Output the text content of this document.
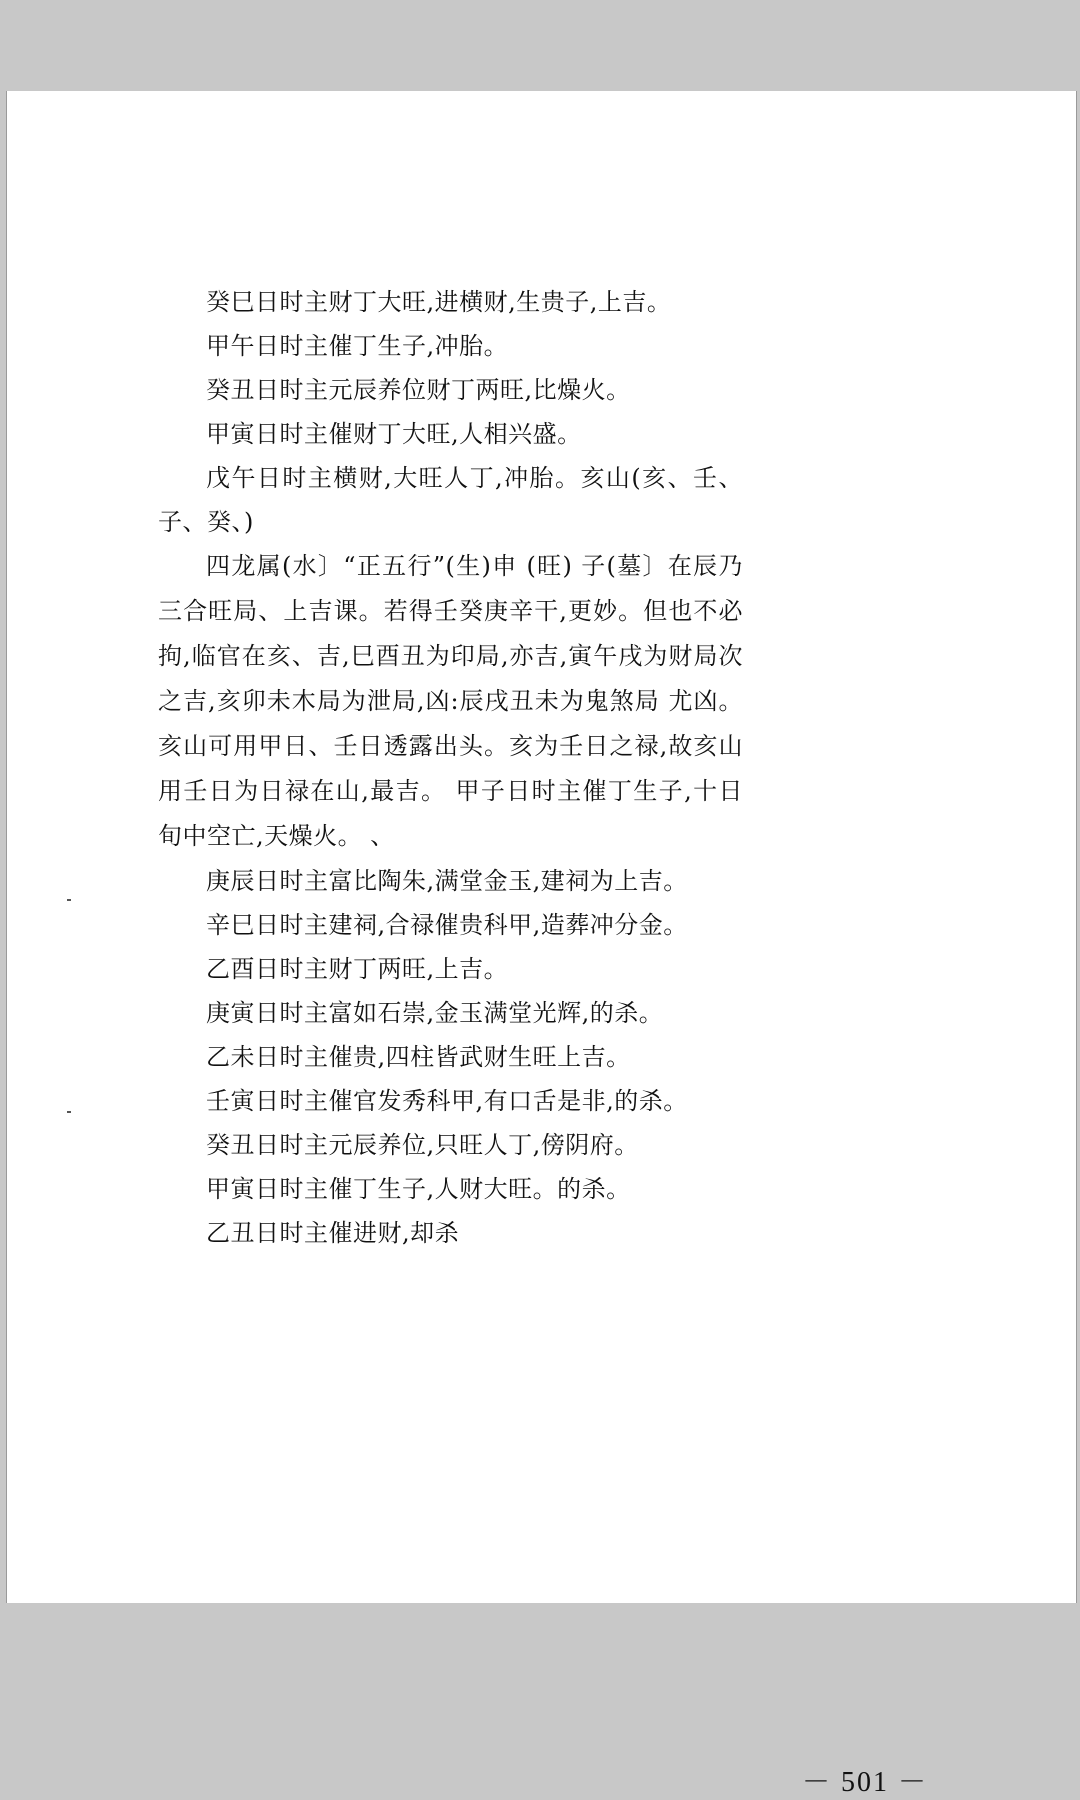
癸巳日时主财丁大旺,进横财,生贵子,上吉。

甲午日时主催丁生子,冲胎。

癸丑日时主元辰养位财丁两旺,比燥火。

甲寅日时主催财丁大旺,人相兴盛。

戊午日时主横财,大旺人丁,冲胎。亥山(亥、壬、子、癸、)

四龙属(水〕“正五行”(生)申 (旺) 子(墓〕在辰乃三合旺局、上吉课。若得壬癸庚辛干,更妙。但也不必拘,临官在亥、吉,巳酉丑为印局,亦吉,寅午戌为财局次之吉,亥卯未木局为泄局,凶:辰戌丑未为鬼煞局 尤凶。亥山可用甲日、壬日透露出头。亥为壬日之禄,故亥山用壬日为日禄在山,最吉。 甲子日时主催丁生子,十日旬中空亡,天燥火。 、

庚辰日时主富比陶朱,满堂金玉,建祠为上吉。

辛巳日时主建祠,合禄催贵科甲,造葬冲分金。

乙酉日时主财丁两旺,上吉。

庚寅日时主富如石崇,金玉满堂光辉,的杀。

乙未日时主催贵,四柱皆武财生旺上吉。

壬寅日时主催官发秀科甲,有口舌是非,的杀。

癸丑日时主元辰养位,只旺人丁,傍阴府。

甲寅日时主催丁生子,人财大旺。的杀。

乙丑日时主催进财,却杀

－ 501 －
